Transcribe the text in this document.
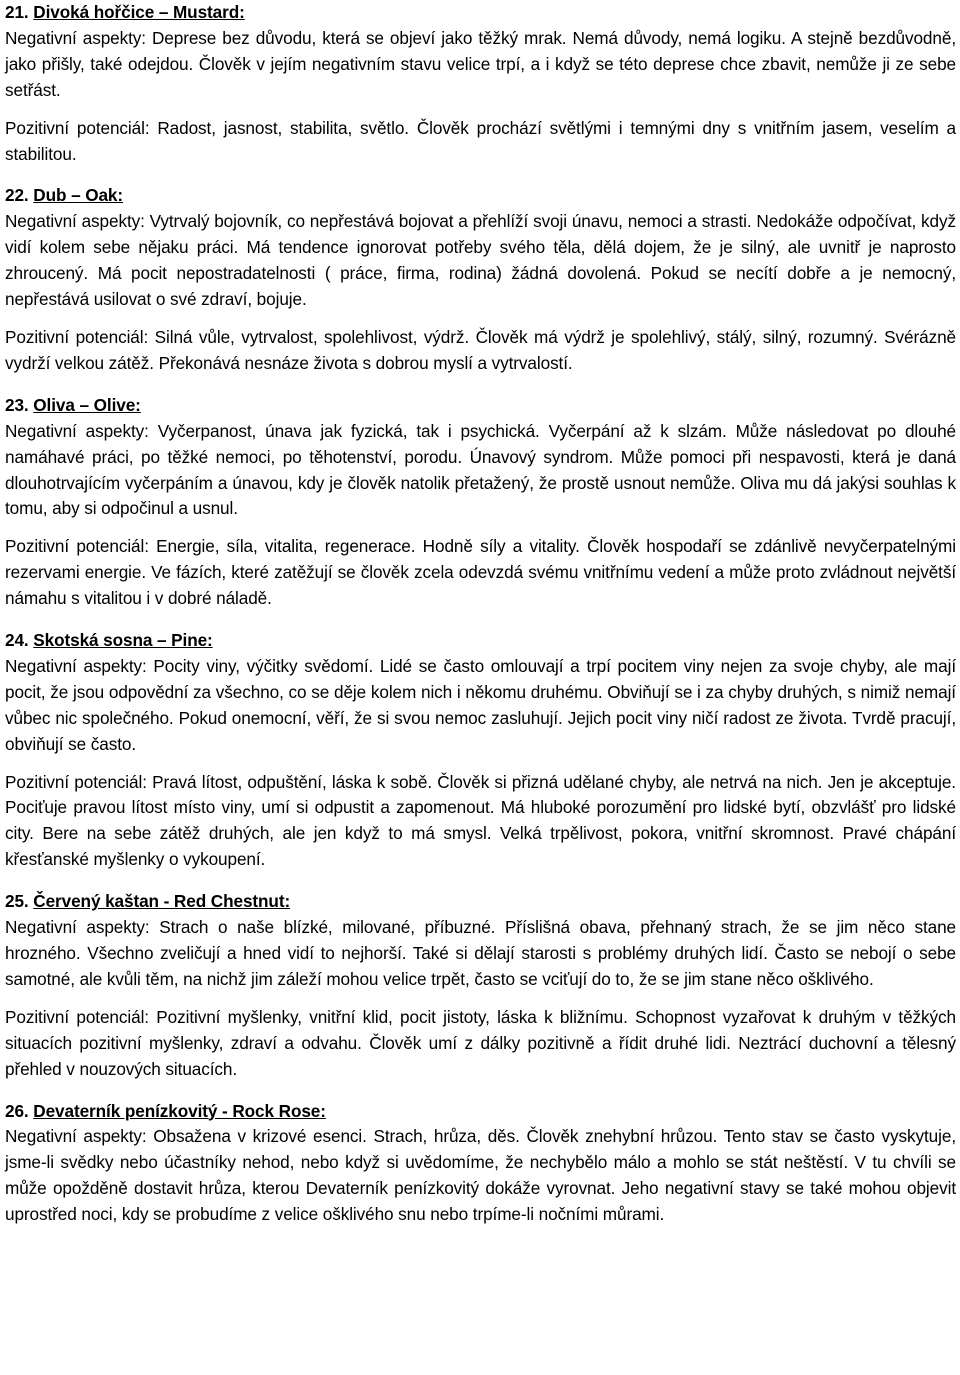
21. Divoká hořčice – Mustard:

Negativní aspekty: Deprese bez důvodu, která se objeví jako těžký mrak. Nemá důvody, nemá logiku. A stejně bezdůvodně, jako přišly, také odejdou. Člověk v jejím negativním stavu velice trpí, a i když se této deprese chce zbavit, nemůže ji ze sebe setřást.

Pozitivní potenciál: Radost, jasnost, stabilita, světlo. Člověk prochází světlými i temnými dny s vnitřním jasem, veselím a stabilitou.

22. Dub – Oak:

Negativní aspekty: Vytrvalý bojovník, co nepřestává bojovat a přehlíží svoji únavu, nemoci a strasti. Nedokáže odpočívat, když vidí kolem sebe nějaku práci. Má tendence ignorovat potřeby svého těla, dělá dojem, že je silný, ale uvnitř je naprosto zhroucený. Má pocit nepostradatelnosti ( práce, firma, rodina) žádná dovolená. Pokud se necítí dobře a je nemocný, nepřestává usilovat o své zdraví, bojuje.

Pozitivní potenciál: Silná vůle, vytrvalost, spolehlivost, výdrž. Člověk má výdrž je spolehlivý, stálý, silný, rozumný. Svérázně vydrží velkou zátěž. Překonává nesnáze života s dobrou myslí a vytrvalostí.

23. Oliva – Olive:

Negativní aspekty: Vyčerpanost, únava jak fyzická, tak i psychická. Vyčerpání až k slzám. Může následovat po dlouhé namáhavé práci, po těžké nemoci, po těhotenství, porodu. Únavový syndrom. Může pomoci při nespavosti, která je daná dlouhotrvajícím vyčerpáním a únavou, kdy je člověk natolik přetažený, že prostě usnout nemůže. Oliva mu dá jakýsi souhlas k tomu, aby si odpočinul a usnul.

Pozitivní potenciál: Energie, síla, vitalita, regenerace. Hodně síly a vitality. Člověk hospodaří se zdánlivě nevyčerpatelnými rezervami energie. Ve fázích, které zatěžují se člověk zcela odevzdá svému vnitřnímu vedení a může proto zvládnout největší námahu s vitalitou i v dobré náladě.

24. Skotská sosna – Pine:

Negativní aspekty: Pocity viny, výčitky svědomí. Lidé se často omlouvají a trpí pocitem viny nejen za svoje chyby, ale mají pocit, že jsou odpovědní za všechno, co se děje kolem nich i někomu druhému. Obviňují se i za chyby druhých, s nimiž nemají vůbec nic společného. Pokud onemocní, věří, že si svou nemoc zasluhují. Jejich pocit viny ničí radost ze života. Tvrdě pracují, obviňují se často.

Pozitivní potenciál: Pravá lítost, odpuštění, láska k sobě. Člověk si přizná udělané chyby, ale netrvá na nich. Jen je akceptuje. Pociťuje pravou lítost místo viny, umí si odpustit a zapomenout. Má hluboké porozumění pro lidské bytí, obzvlášť pro lidské city. Bere na sebe zátěž druhých, ale jen když to má smysl. Velká trpělivost, pokora, vnitřní skromnost. Pravé chápání křesťanské myšlenky o vykoupení.

25. Červený kaštan - Red Chestnut:

Negativní aspekty: Strach o naše blízké, milované, příbuzné. Příslišná obava, přehnaný strach, že se jim něco stane hrozného. Všechno zveličují a hned vidí to nejhorší. Také si dělají starosti s problémy druhých lidí. Často se nebojí o sebe samotné, ale kvůli těm, na nichž jim záleží mohou velice trpět, často se vciťují do to, že se jim stane něco ošklivého.

Pozitivní potenciál: Pozitivní myšlenky, vnitřní klid, pocit jistoty, láska k bližnímu. Schopnost vyzařovat k druhým v těžkých situacích pozitivní myšlenky, zdraví a odvahu. Člověk umí z dálky pozitivně a řídit druhé lidi. Neztrácí duchovní a tělesný přehled v nouzových situacích.

26. Devaterník penízkovitý - Rock Rose:

Negativní aspekty: Obsažena v krizové esenci. Strach, hrůza, děs. Člověk znehybní hrůzou. Tento stav se často vyskytuje, jsme-li svědky nebo účastníky nehod, nebo když si uvědomíme, že nechybělo málo a mohlo se stát neštěstí. V tu chvíli se může opožděně dostavit hrůza, kterou Devaterník penízkovitý dokáže vyrovnat. Jeho negativní stavy se také mohou objevit uprostřed noci, kdy se probudíme z velice ošklivého snu nebo trpíme-li nočními můrami.
